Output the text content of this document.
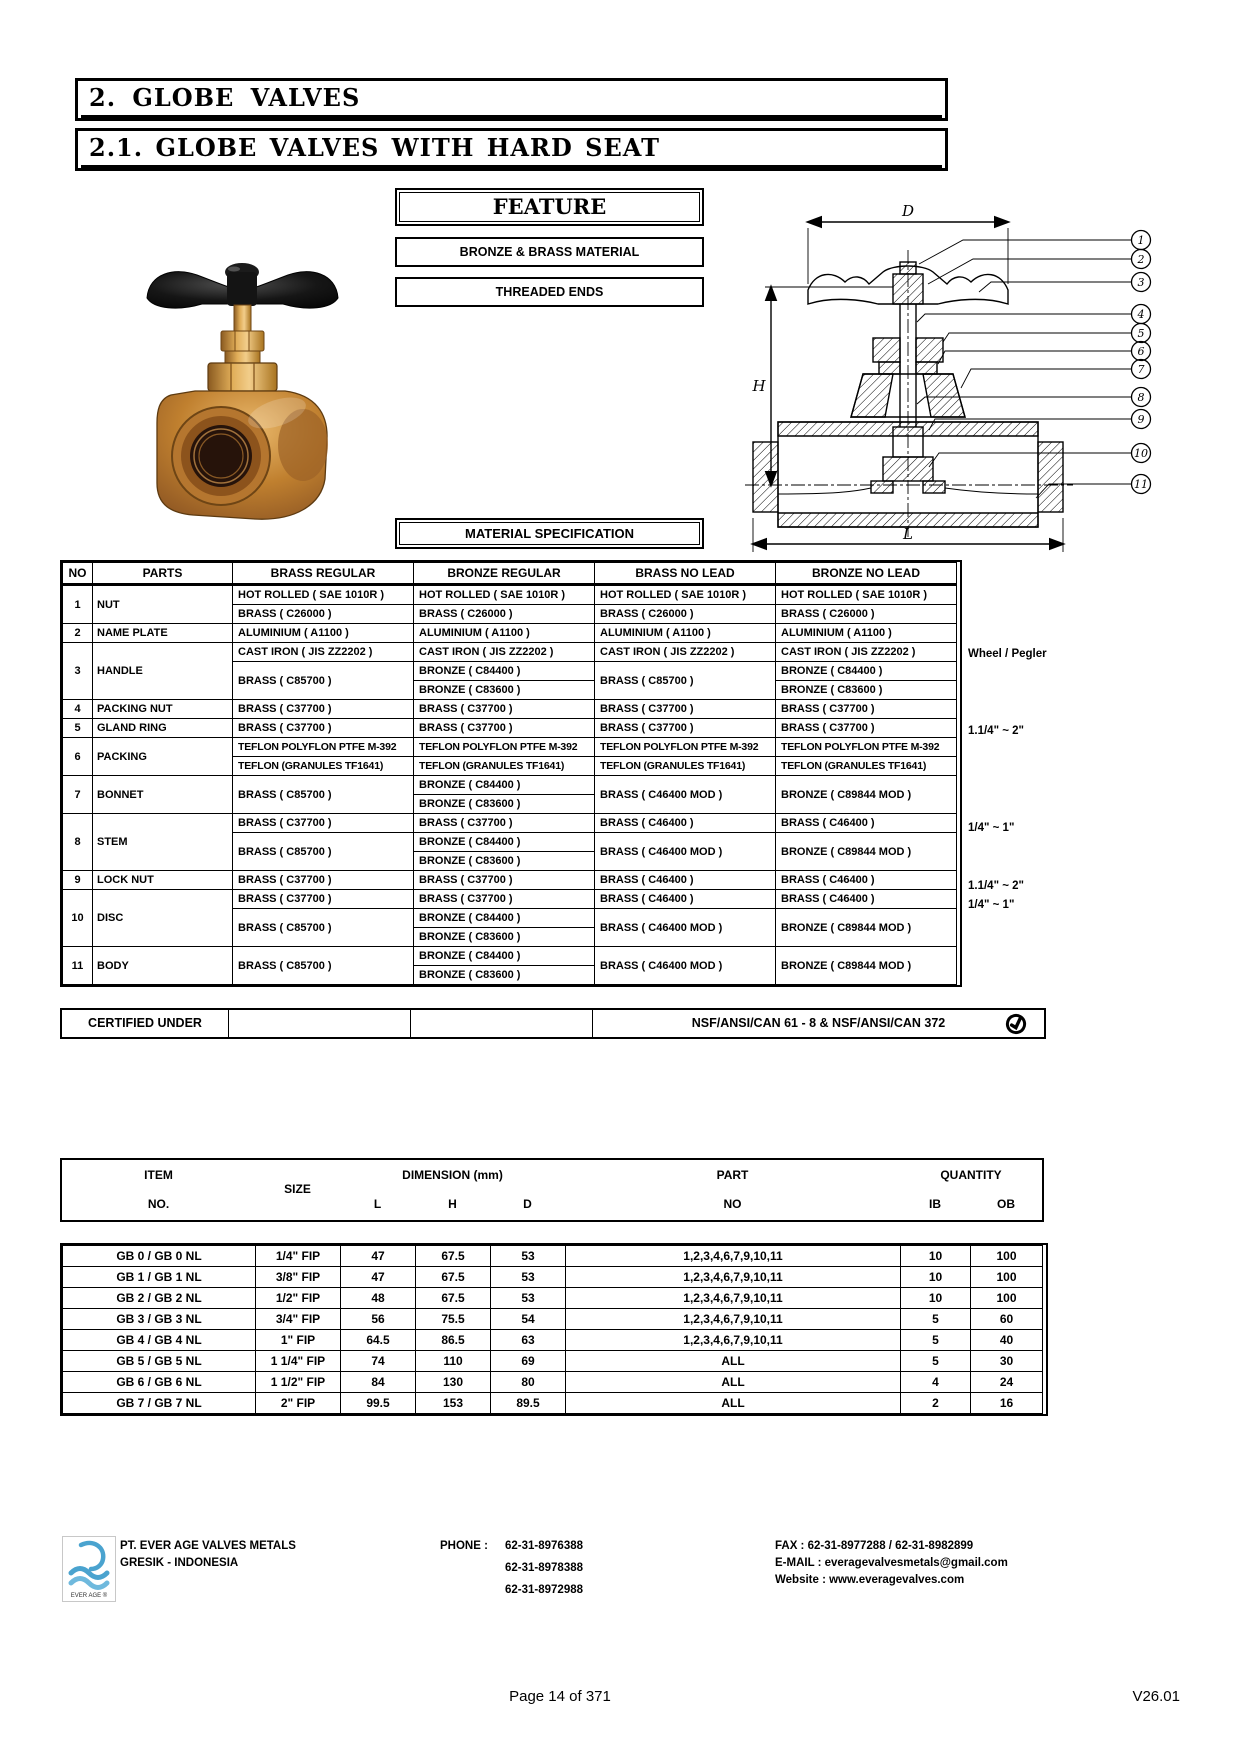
2. GLOBE VALVES
2.1. GLOBE VALVES WITH HARD SEAT
FEATURE
BRONZE & BRASS MATERIAL
THREADED ENDS
D
H
L
1
2
3
4
5
6
7
8
9
10
11
MATERIAL SPECIFICATION
NO	PARTS	BRASS REGULAR	BRONZE REGULAR	BRASS NO LEAD	BRONZE NO LEAD
1	NUT	HOT ROLLED ( SAE 1010R )	HOT ROLLED ( SAE 1010R )	HOT ROLLED ( SAE 1010R )	HOT ROLLED ( SAE 1010R )
		BRASS ( C26000 )	BRASS ( C26000 )	BRASS ( C26000 )	BRASS ( C26000 )
2	NAME PLATE	ALUMINIUM ( A1100 )	ALUMINIUM ( A1100 )	ALUMINIUM ( A1100 )	ALUMINIUM ( A1100 )
3	HANDLE	CAST IRON ( JIS ZZ2202 )	CAST IRON ( JIS ZZ2202 )	CAST IRON ( JIS ZZ2202 )	CAST IRON ( JIS ZZ2202 )
		BRASS ( C85700 )	BRONZE ( C84400 )	BRASS ( C85700 )	BRONZE ( C84400 )
			BRONZE ( C83600 )		BRONZE ( C83600 )
4	PACKING NUT	BRASS ( C37700 )	BRASS ( C37700 )	BRASS ( C37700 )	BRASS ( C37700 )
5	GLAND RING	BRASS ( C37700 )	BRASS ( C37700 )	BRASS ( C37700 )	BRASS ( C37700 )
6	PACKING	TEFLON POLYFLON PTFE M-392	TEFLON POLYFLON PTFE M-392	TEFLON POLYFLON PTFE M-392	TEFLON POLYFLON PTFE M-392
		TEFLON (GRANULES TF1641)	TEFLON (GRANULES TF1641)	TEFLON (GRANULES TF1641)	TEFLON (GRANULES TF1641)
7	BONNET	BRASS ( C85700 )	BRONZE ( C84400 )	BRASS ( C46400 MOD )	BRONZE ( C89844 MOD )
			BRONZE ( C83600 )		
8	STEM	BRASS ( C37700 )	BRASS ( C37700 )	BRASS ( C46400 )	BRASS ( C46400 )
		BRASS ( C85700 )	BRONZE ( C84400 )	BRASS ( C46400 MOD )	BRONZE ( C89844 MOD )
			BRONZE ( C83600 )		
9	LOCK NUT	BRASS ( C37700 )	BRASS ( C37700 )	BRASS ( C46400 )	BRASS ( C46400 )
10	DISC	BRASS ( C37700 )	BRASS ( C37700 )	BRASS ( C46400 )	BRASS ( C46400 )
		BRASS ( C85700 )	BRONZE ( C84400 )	BRASS ( C46400 MOD )	BRONZE ( C89844 MOD )
			BRONZE ( C83600 )		
11	BODY	BRASS ( C85700 )	BRONZE ( C84400 )	BRASS ( C46400 MOD )	BRONZE ( C89844 MOD )
			BRONZE ( C83600 )		
Wheel / Pegler
1.1/4" ~ 2"
1/4" ~ 1"
1.1/4" ~ 2"
1/4" ~ 1"
CERTIFIED UNDER	NSF/ANSI/CAN 61 - 8 & NSF/ANSI/CAN 372
ITEM
NO.
SIZE
DIMENSION (mm)
L	H	D
PART
NO
QUANTITY
IB	OB
GB 0 / GB 0 NL	1/4" FIP	47	67.5	53	1,2,3,4,6,7,9,10,11	10	100
GB 1 / GB 1 NL	3/8" FIP	47	67.5	53	1,2,3,4,6,7,9,10,11	10	100
GB 2 / GB 2 NL	1/2" FIP	48	67.5	53	1,2,3,4,6,7,9,10,11	10	100
GB 3 / GB 3 NL	3/4" FIP	56	75.5	54	1,2,3,4,6,7,9,10,11	5	60
GB 4 / GB 4 NL	1" FIP	64.5	86.5	63	1,2,3,4,6,7,9,10,11	5	40
GB 5 / GB 5 NL	1 1/4" FIP	74	110	69	ALL	5	30
GB 6 / GB 6 NL	1 1/2" FIP	84	130	80	ALL	4	24
GB 7 / GB 7 NL	2" FIP	99.5	153	89.5	ALL	2	16
EVER AGE ®
PT. EVER AGE VALVES METALS
GRESIK - INDONESIA
PHONE : 62-31-8976388
62-31-8978388
62-31-8972988
FAX : 62-31-8977288 / 62-31-8982899
E-MAIL : everagevalvesmetals@gmail.com
Website : www.everagevalves.com
Page 14 of 371	V26.01
